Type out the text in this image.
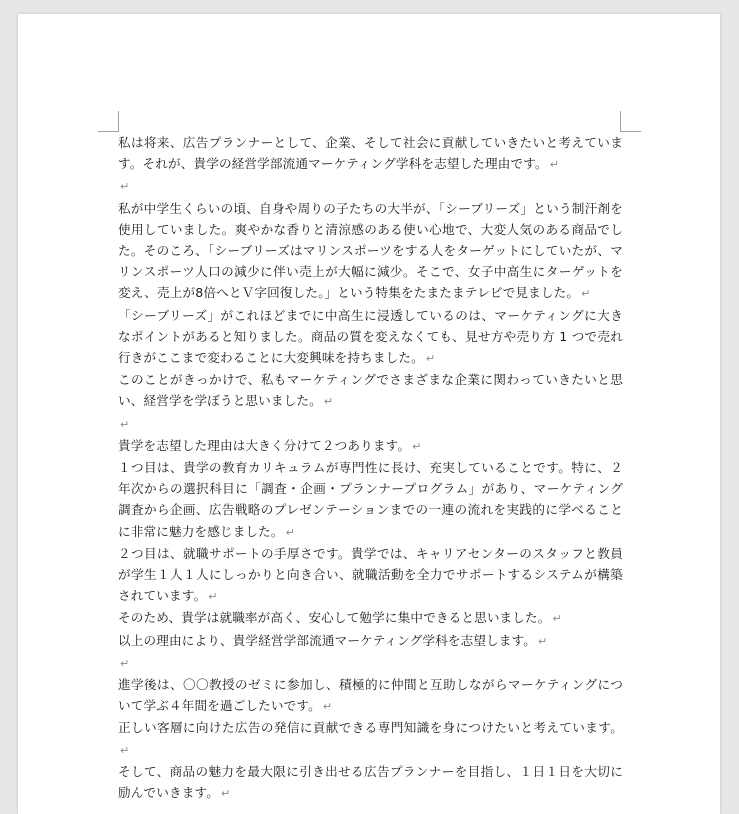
私は将来、広告プランナーとして、企業、そして社会に貢献していきたいと考えています。それが、貴学の経営学部流通マーケティング学科を志望した理由です。 ↵

↵

私が中学生くらいの頃、自身や周りの子たちの大半が、「シーブリーズ」という制汗剤を使用していました。爽やかな香りと清涼感のある使い心地で、大変人気のある商品でした。そのころ、「シーブリーズはマリンスポーツをする人をターゲットにしていたが、マリンスポーツ人口の減少に伴い売上が大幅に減少。そこで、女子中高生にターゲットを変え、売上が8倍へとＶ字回復した。」という特集をたまたまテレビで見ました。 ↵

「シーブリーズ」がこれほどまでに中高生に浸透しているのは、マーケティングに大きなポイントがあると知りました。商品の質を変えなくても、見せ方や売り方 1 つで売れ行きがここまで変わることに大変興味を持ちました。 ↵

このことがきっかけで、私もマーケティングでさまざまな企業に関わっていきたいと思い、経営学を学ぼうと思いました。 ↵

↵

貴学を志望した理由は大きく分けて２つあります。 ↵

１つ目は、貴学の教育カリキュラムが専門性に長け、充実していることです。特に、２年次からの選択科目に「調査・企画・プランナープログラム」があり、マーケティング調査から企画、広告戦略のプレゼンテーションまでの一連の流れを実践的に学べることに非常に魅力を感じました。 ↵

２つ目は、就職サポートの手厚さです。貴学では、キャリアセンターのスタッフと教員が学生１人１人にしっかりと向き合い、就職活動を全力でサポートするシステムが構築されています。 ↵

そのため、貴学は就職率が高く、安心して勉学に集中できると思いました。 ↵

以上の理由により、貴学経営学部流通マーケティング学科を志望します。 ↵

↵

進学後は、〇〇教授のゼミに参加し、積極的に仲間と互助しながらマーケティングについて学ぶ４年間を過ごしたいです。 ↵

正しい客層に向けた広告の発信に貢献できる専門知識を身につけたいと考えています。↵

そして、商品の魅力を最大限に引き出せる広告プランナーを目指し、１日１日を大切に励んでいきます。 ↵
